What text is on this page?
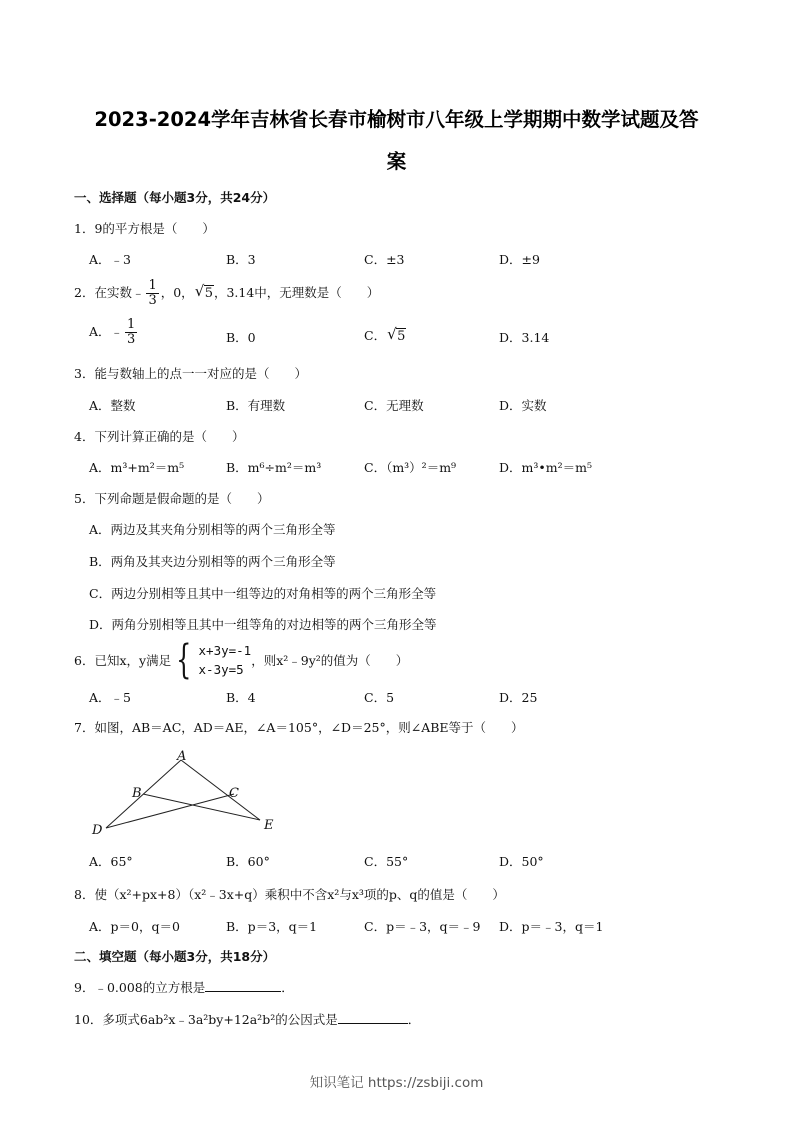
2023-2024学年吉林省长春市榆树市八年级上学期期中数学试题及答
案
一、选择题（每小题3分，共24分）
1．9的平方根是（　　）
A．﹣3	B．3	C．±3	D．±9
2．在实数﹣ $\frac{1}{3}$ ，0， √ 5，3.14中，无理数是（　　）
A．﹣ $\frac{1}{3}$	B．0	C． √ 5	D．3.14
3．能与数轴上的点一一对应的是（　　）
A．整数	B．有理数	C．无理数	D．实数
4．下列计算正确的是（　　）
A．m³+m²＝m⁵	B．m⁶÷m²＝m³	C．（m³）²＝m⁹	D．m³•m²＝m⁵
5．下列命题是假命题的是（　　）
A．两边及其夹角分别相等的两个三角形全等
B．两角及其夹边分别相等的两个三角形全等
C．两边分别相等且其中一组等边的对角相等的两个三角形全等
D．两角分别相等且其中一组等角的对边相等的两个三角形全等
6．已知x，y满足 { x+3y=-1
x-3y=5
，则x²﹣9y²的值为（　　）
A．﹣5	B．4	C．5	D．25
7．如图，AB＝AC，AD＝AE，∠A＝105°，∠D＝25°，则∠ABE等于（　　）
A
B	C
D	E
A．65°	B．60°	C．55°	D．50°
8．使（x²+px+8）（x²﹣3x+q）乘积中不含x²与x³项的p、q的值是（　　）
A．p＝0，q＝0	B．p＝3，q＝1	C．p＝﹣3，q＝﹣9 D．p＝﹣3，q＝1
二、填空题（每小题3分，共18分）
9．﹣0.008的立方根是	．
10．多项式6ab²x﹣3a²by+12a²b²的公因式是	．
知识笔记 https://zsbiji.com
